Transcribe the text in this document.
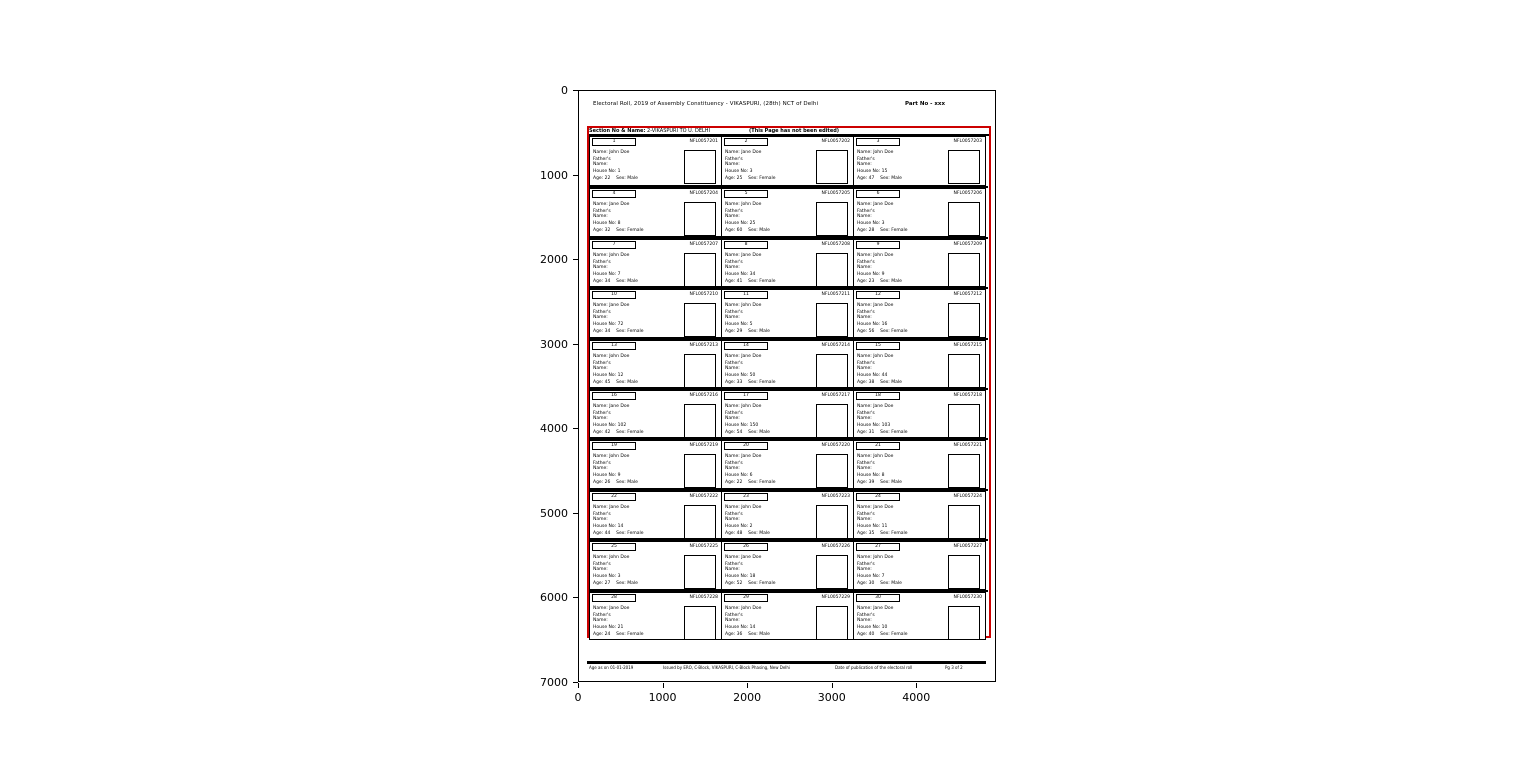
0
1000
2000
3000
4000
5000
6000
7000
0	1000	2000	3000	4000
Electoral Roll, 2019 of Assembly Constituency - VIKASPURI, (28th) NCT of Delhi	Part No - xxx
Section No & Name: 2-VIKASPURI TO U. DELHI	(This Page has not been edited)
1	NFL0057201
Name: John Doe
Father's
Name:
House No: 1
Age: 22    Sex: Male
2	NFL0057202
Name: Jane Doe
Father's
Name:
House No: 3
Age: 25    Sex: Female
3	NFL0057203
Name: John Doe
Father's
Name:
House No: 15
Age: 47    Sex: Male
4	NFL0057204
Name: Jane Doe
Father's
Name:
House No: 8
Age: 32    Sex: Female
5	NFL0057205
Name: John Doe
Father's
Name:
House No: 25
Age: 60    Sex: Male
6	NFL0057206
Name: Jane Doe
Father's
Name:
House No: 3
Age: 28    Sex: Female
7	NFL0057207
Name: John Doe
Father's
Name:
House No: 7
Age: 34    Sex: Male
8	NFL0057208
Name: Jane Doe
Father's
Name:
House No: 34
Age: 41    Sex: Female
9	NFL0057209
Name: John Doe
Father's
Name:
House No: 9
Age: 23    Sex: Male
10	NFL0057210
Name: Jane Doe
Father's
Name:
House No: 72
Age: 34    Sex: Female
11	NFL0057211
Name: John Doe
Father's
Name:
House No: 5
Age: 29    Sex: Male
12	NFL0057212
Name: Jane Doe
Father's
Name:
House No: 16
Age: 56    Sex: Female
13	NFL0057213
Name: John Doe
Father's
Name:
House No: 12
Age: 45    Sex: Male
14	NFL0057214
Name: Jane Doe
Father's
Name:
House No: 50
Age: 33    Sex: Female
15	NFL0057215
Name: John Doe
Father's
Name:
House No: 44
Age: 38    Sex: Male
16	NFL0057216
Name: Jane Doe
Father's
Name:
House No: 102
Age: 42    Sex: Female
17	NFL0057217
Name: John Doe
Father's
Name:
House No: 150
Age: 54    Sex: Male
18	NFL0057218
Name: Jane Doe
Father's
Name:
House No: 103
Age: 31    Sex: Female
19	NFL0057219
Name: John Doe
Father's
Name:
House No: 9
Age: 26    Sex: Male
20	NFL0057220
Name: Jane Doe
Father's
Name:
House No: 6
Age: 22    Sex: Female
21	NFL0057221
Name: John Doe
Father's
Name:
House No: 8
Age: 39    Sex: Male
22	NFL0057222
Name: Jane Doe
Father's
Name:
House No: 14
Age: 44    Sex: Female
23	NFL0057223
Name: John Doe
Father's
Name:
House No: 2
Age: 48    Sex: Male
24	NFL0057224
Name: Jane Doe
Father's
Name:
House No: 11
Age: 35    Sex: Female
25	NFL0057225
Name: John Doe
Father's
Name:
House No: 3
Age: 27    Sex: Male
26	NFL0057226
Name: Jane Doe
Father's
Name:
House No: 18
Age: 52    Sex: Female
27	NFL0057227
Name: John Doe
Father's
Name:
House No: 7
Age: 30    Sex: Male
28	NFL0057228
Name: Jane Doe
Father's
Name:
House No: 21
Age: 24    Sex: Female
29	NFL0057229
Name: John Doe
Father's
Name:
House No: 14
Age: 36    Sex: Male
30	NFL0057230
Name: Jane Doe
Father's
Name:
House No: 10
Age: 40    Sex: Female
Age as on 01-01-2019	Issued by ERO, C-Block, VIKASPURI, C-Block Phasing, New Delhi	Date of publication of the electoral roll	Pg 3 of 2
